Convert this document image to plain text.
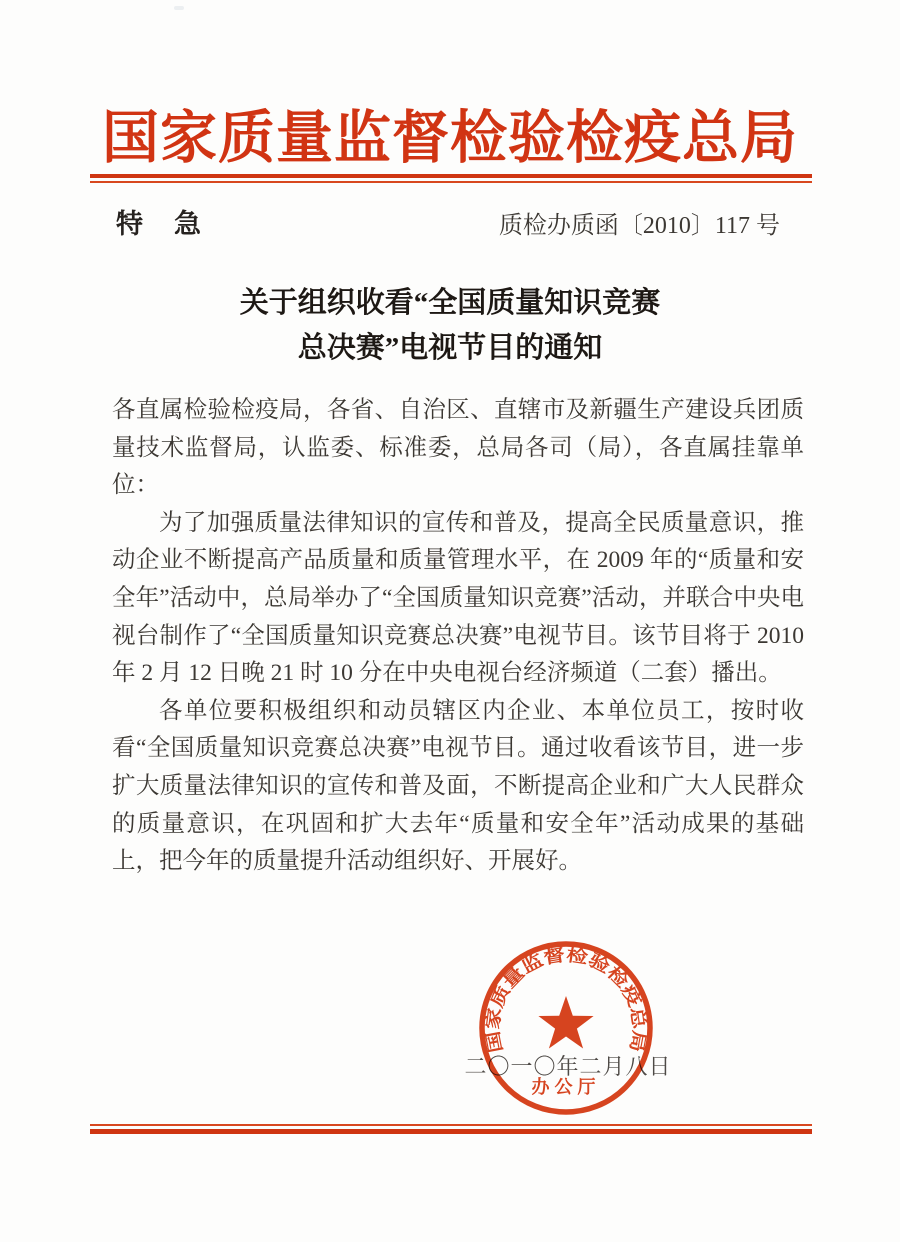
国家质量监督检验检疫总局
特　急	质检办质函〔2010〕117 号
关于组织收看“全国质量知识竞赛
总决赛”电视节目的通知

各直属检验检疫局，各省、自治区、直辖市及新疆生产建设兵团质量技术监督局，认监委、标准委，总局各司（局），各直属挂靠单位：

为了加强质量法律知识的宣传和普及，提高全民质量意识，推动企业不断提高产品质量和质量管理水平，在 2009 年的“质量和安全年”活动中，总局举办了“全国质量知识竞赛”活动，并联合中央电视台制作了“全国质量知识竞赛总决赛”电视节目。该节目将于 2010 年 2 月 12 日晚 21 时 10 分在中央电视台经济频道（二套）播出。

各单位要积极组织和动员辖区内企业、本单位员工，按时收看“全国质量知识竞赛总决赛”电视节目。通过收看该节目，进一步扩大质量法律知识的宣传和普及面，不断提高企业和广大人民群众的质量意识，在巩固和扩大去年“质量和安全年”活动成果的基础上，把今年的质量提升活动组织好、开展好。

二〇一〇年二月八日
国家质量监督检验检疫总局
办公厅
